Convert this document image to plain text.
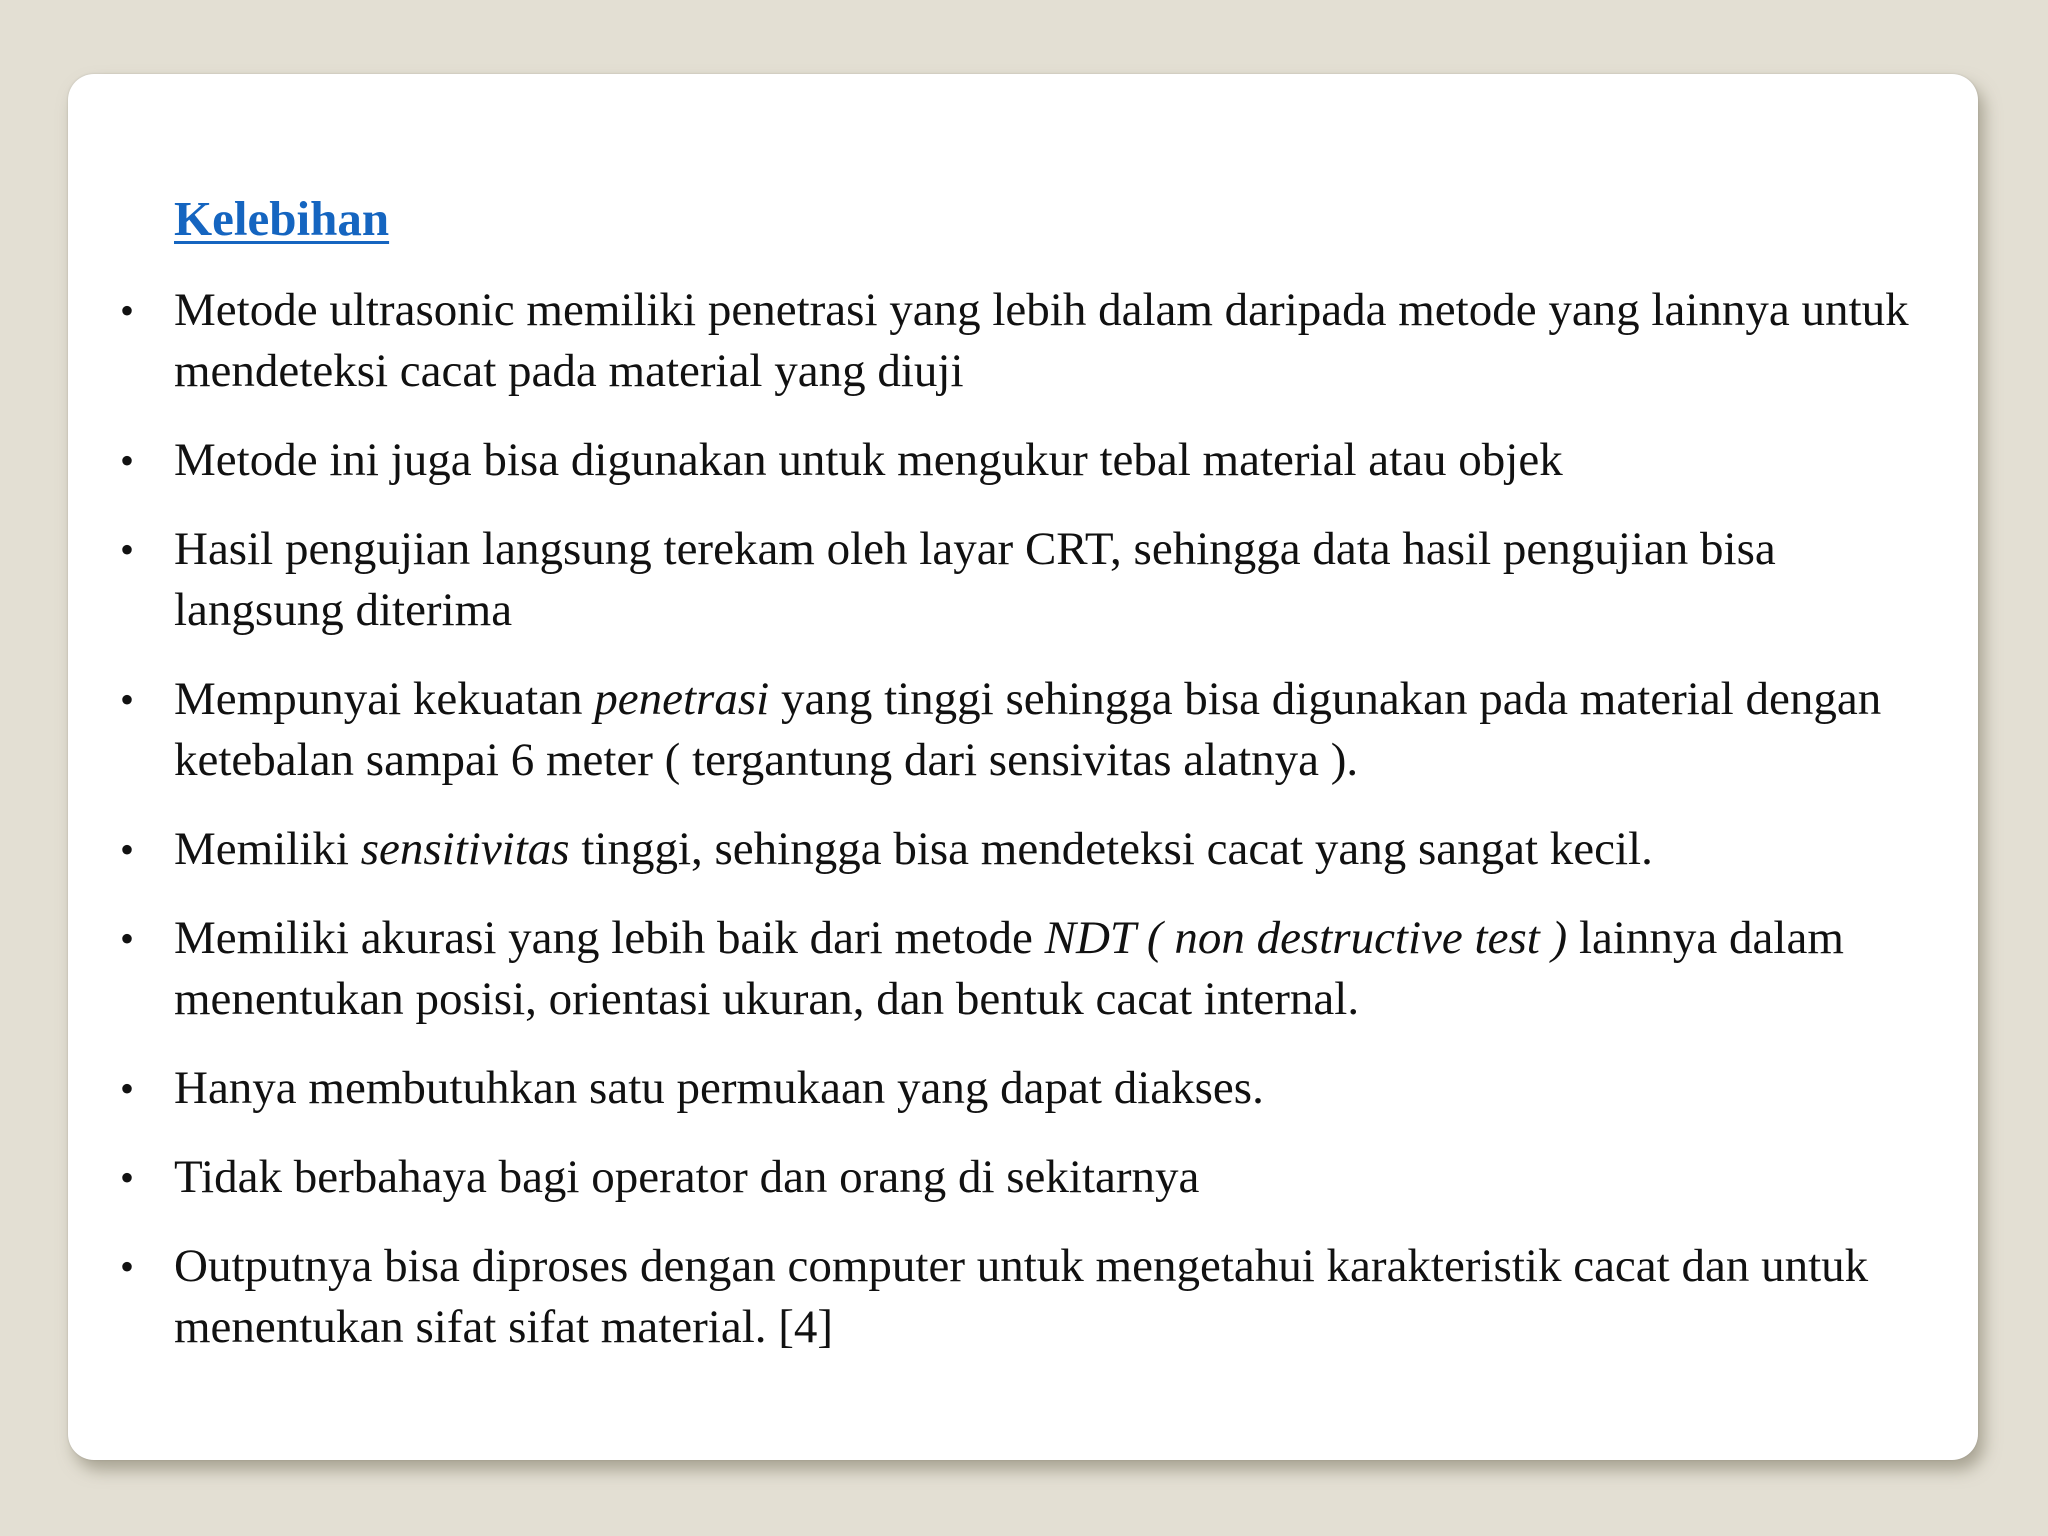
Kelebihan
• Metode ultrasonic memiliki penetrasi yang lebih dalam daripada metode yang lainnya untuk mendeteksi cacat pada material yang diuji
• Metode ini juga bisa digunakan untuk mengukur tebal material atau objek
• Hasil pengujian langsung terekam oleh layar CRT, sehingga data hasil pengujian bisa langsung diterima
• Mempunyai kekuatan penetrasi yang tinggi sehingga bisa digunakan pada material dengan ketebalan sampai 6 meter ( tergantung dari sensivitas alatnya ).
• Memiliki sensitivitas tinggi, sehingga bisa mendeteksi cacat yang sangat kecil.
• Memiliki akurasi yang lebih baik dari metode NDT ( non destructive test ) lainnya dalam menentukan posisi, orientasi ukuran, dan bentuk cacat internal.
• Hanya membutuhkan satu permukaan yang dapat diakses.
• Tidak berbahaya bagi operator dan orang di sekitarnya
• Outputnya bisa diproses dengan computer untuk mengetahui karakteristik cacat dan untuk menentukan sifat sifat material. [4]
